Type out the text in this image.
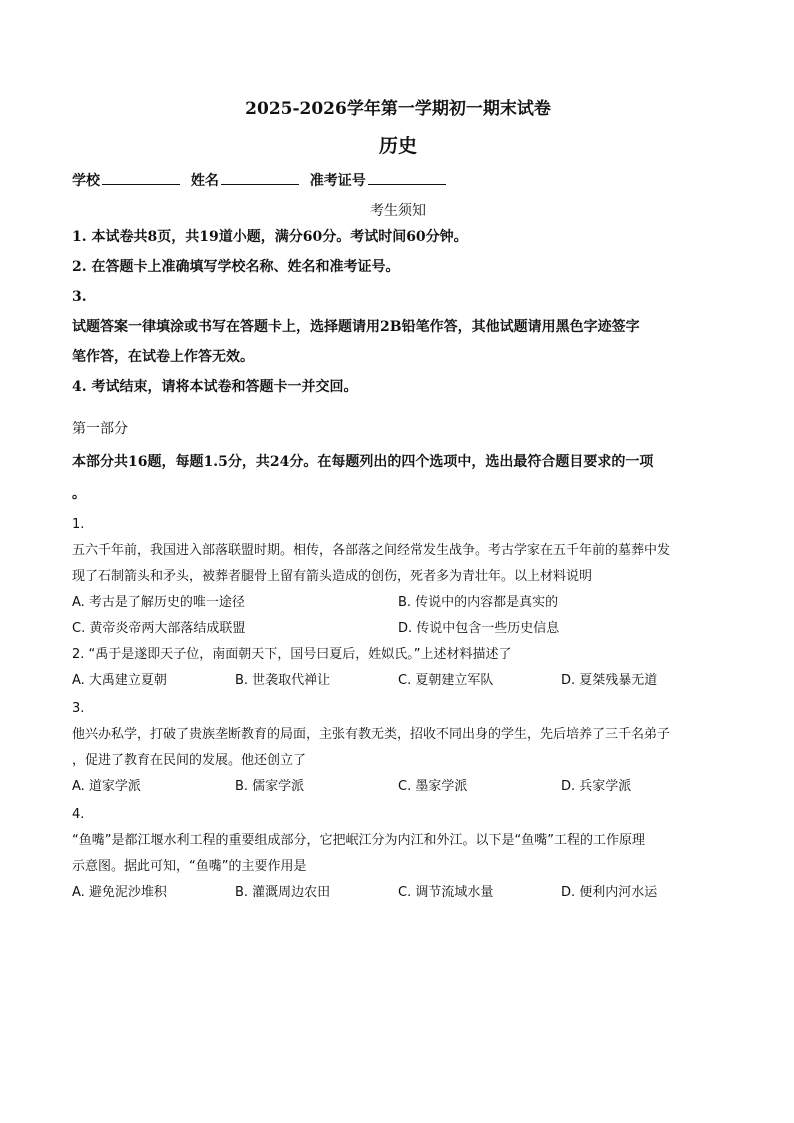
2025-2026学年第一学期初一期末试卷
历史
学校	姓名	准考证号
考生须知
1. 本试卷共8页，共19道小题，满分60分。考试时间60分钟。
2. 在答题卡上准确填写学校名称、姓名和准考证号。
3.
试题答案一律填涂或书写在答题卡上，选择题请用2B铅笔作答，其他试题请用黑色字迹签字
笔作答，在试卷上作答无效。
4. 考试结束，请将本试卷和答题卡一并交回。
第一部分
本部分共16题，每题1.5分，共24分。在每题列出的四个选项中，选出最符合题目要求的一项
。
1.
五六千年前，我国进入部落联盟时期。相传，各部落之间经常发生战争。考古学家在五千年前的墓葬中发
现了石制箭头和矛头，被葬者腿骨上留有箭头造成的创伤，死者多为青壮年。以上材料说明
A. 考古是了解历史的唯一途径	B. 传说中的内容都是真实的
C. 黄帝炎帝两大部落结成联盟	D. 传说中包含一些历史信息
2. “禹于是遂即天子位，南面朝天下，国号曰夏后，姓姒氏。”上述材料描述了
A. 大禹建立夏朝	B. 世袭取代禅让	C. 夏朝建立军队	D. 夏桀残暴无道
3.
他兴办私学，打破了贵族垄断教育的局面，主张有教无类，招收不同出身的学生，先后培养了三千名弟子
，促进了教育在民间的发展。他还创立了
A. 道家学派	B. 儒家学派	C. 墨家学派	D. 兵家学派
4.
“鱼嘴”是都江堰水利工程的重要组成部分，它把岷江分为内江和外江。以下是“鱼嘴”工程的工作原理
示意图。据此可知，“鱼嘴”的主要作用是
A. 避免泥沙堆积	B. 灌溉周边农田	C. 调节流域水量	D. 便利内河水运
